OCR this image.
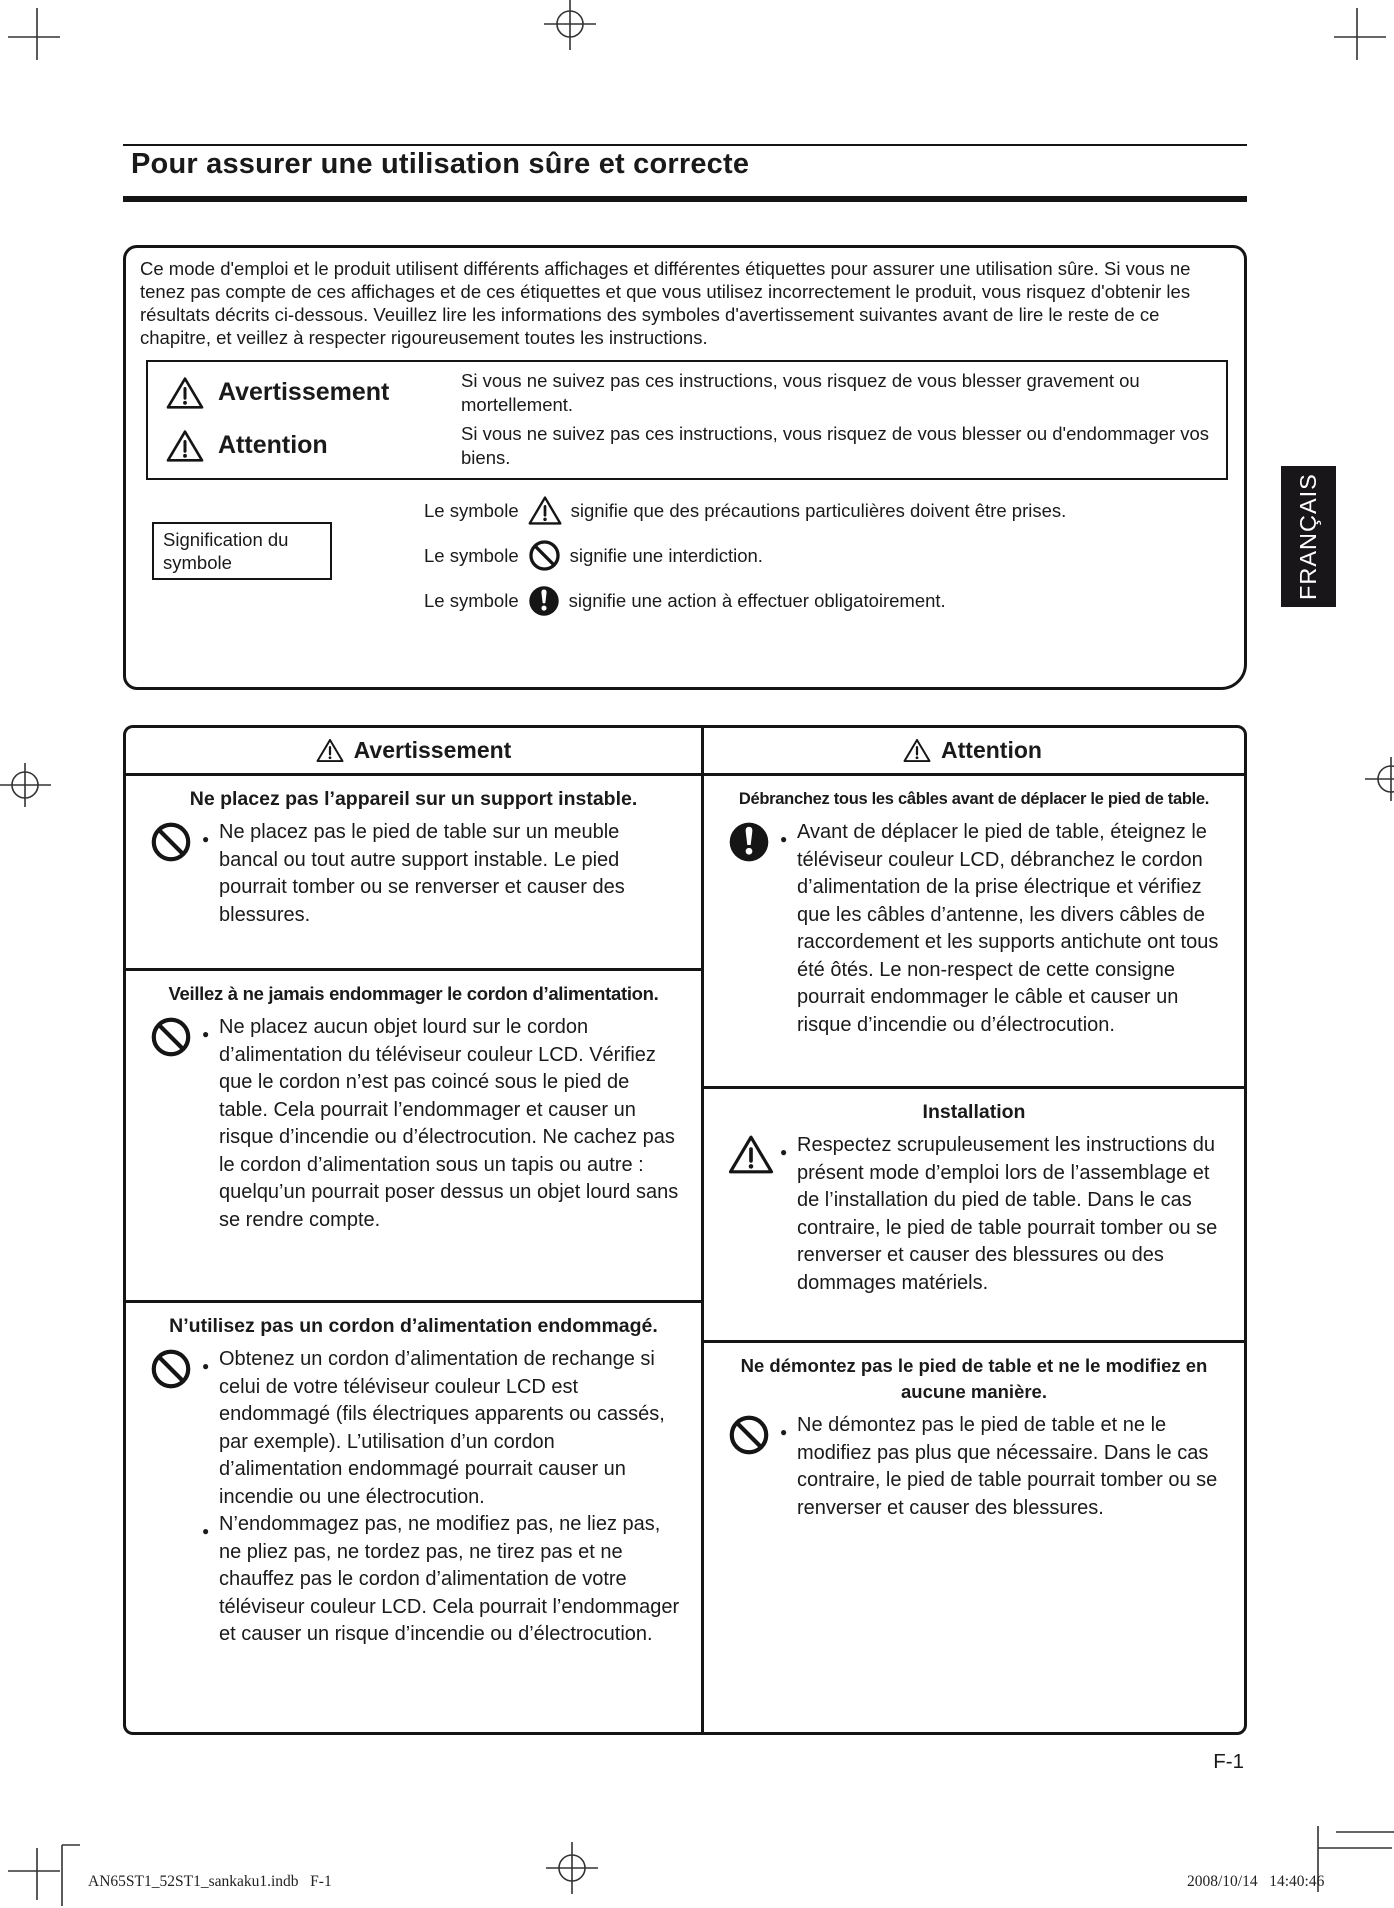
Pour assurer une utilisation sûre et correcte

Ce mode d'emploi et le produit utilisent différents affichages et différentes étiquettes pour assurer une utilisation sûre. Si vous ne tenez pas compte de ces affichages et de ces étiquettes et que vous utilisez incorrectement le produit, vous risquez d'obtenir les résultats décrits ci-dessous. Veuillez lire les informations des symboles d'avertissement suivantes avant de lire le reste de ce chapitre, et veillez à respecter rigoureusement toutes les instructions.

Avertissement	Si vous ne suivez pas ces instructions, vous risquez de vous blesser gravement ou mortellement.
Attention	Si vous ne suivez pas ces instructions, vous risquez de vous blesser ou d'endommager vos biens.
Signification du symbole
Le symbole	signifie que des précautions particulières doivent être prises.
Le symbole	signifie une interdiction.
Le symbole	signifie une action à effectuer obligatoirement.
Avertissement	Attention
Ne placez pas l’appareil sur un support instable.
● Ne placez pas le pied de table sur un meuble bancal ou tout autre support instable. Le pied pourrait tomber ou se renverser et causer des blessures.
Veillez à ne jamais endommager le cordon d’alimentation.
● Ne placez aucun objet lourd sur le cordon d’alimentation du téléviseur couleur LCD. Vérifiez que le cordon n’est pas coincé sous le pied de table. Cela pourrait l’endommager et causer un risque d’incendie ou d’électrocution. Ne cachez pas le cordon d’alimentation sous un tapis ou autre : quelqu’un pourrait poser dessus un objet lourd sans se rendre compte.
N’utilisez pas un cordon d’alimentation endommagé.
● Obtenez un cordon d’alimentation de rechange si celui de votre téléviseur couleur LCD est endommagé (fils électriques apparents ou cassés, par exemple). L’utilisation d’un cordon d’alimentation endommagé pourrait causer un incendie ou une électrocution.
● N’endommagez pas, ne modifiez pas, ne liez pas, ne pliez pas, ne tordez pas, ne tirez pas et ne chauffez pas le cordon d’alimentation de votre téléviseur couleur LCD. Cela pourrait l’endommager et causer un risque d’incendie ou d’électrocution.
Débranchez tous les câbles avant de déplacer le pied de table.
● Avant de déplacer le pied de table, éteignez le téléviseur couleur LCD, débranchez le cordon d’alimentation de la prise électrique et vérifiez que les câbles d’antenne, les divers câbles de raccordement et les supports antichute ont tous été ôtés. Le non-respect de cette consigne pourrait endommager le câble et causer un risque d’incendie ou d’électrocution.
Installation
● Respectez scrupuleusement les instructions du présent mode d’emploi lors de l’assemblage et de l’installation du pied de table. Dans le cas contraire, le pied de table pourrait tomber ou se renverser et causer des blessures ou des dommages matériels.
Ne démontez pas le pied de table et ne le modifiez en aucune manière.
● Ne démontez pas le pied de table et ne le modifiez pas plus que nécessaire. Dans le cas contraire, le pied de table pourrait tomber ou se renverser et causer des blessures.
F-1
FRANÇAIS
AN65ST1_52ST1_sankaku1.indb   F-1	2008/10/14   14:40:46
